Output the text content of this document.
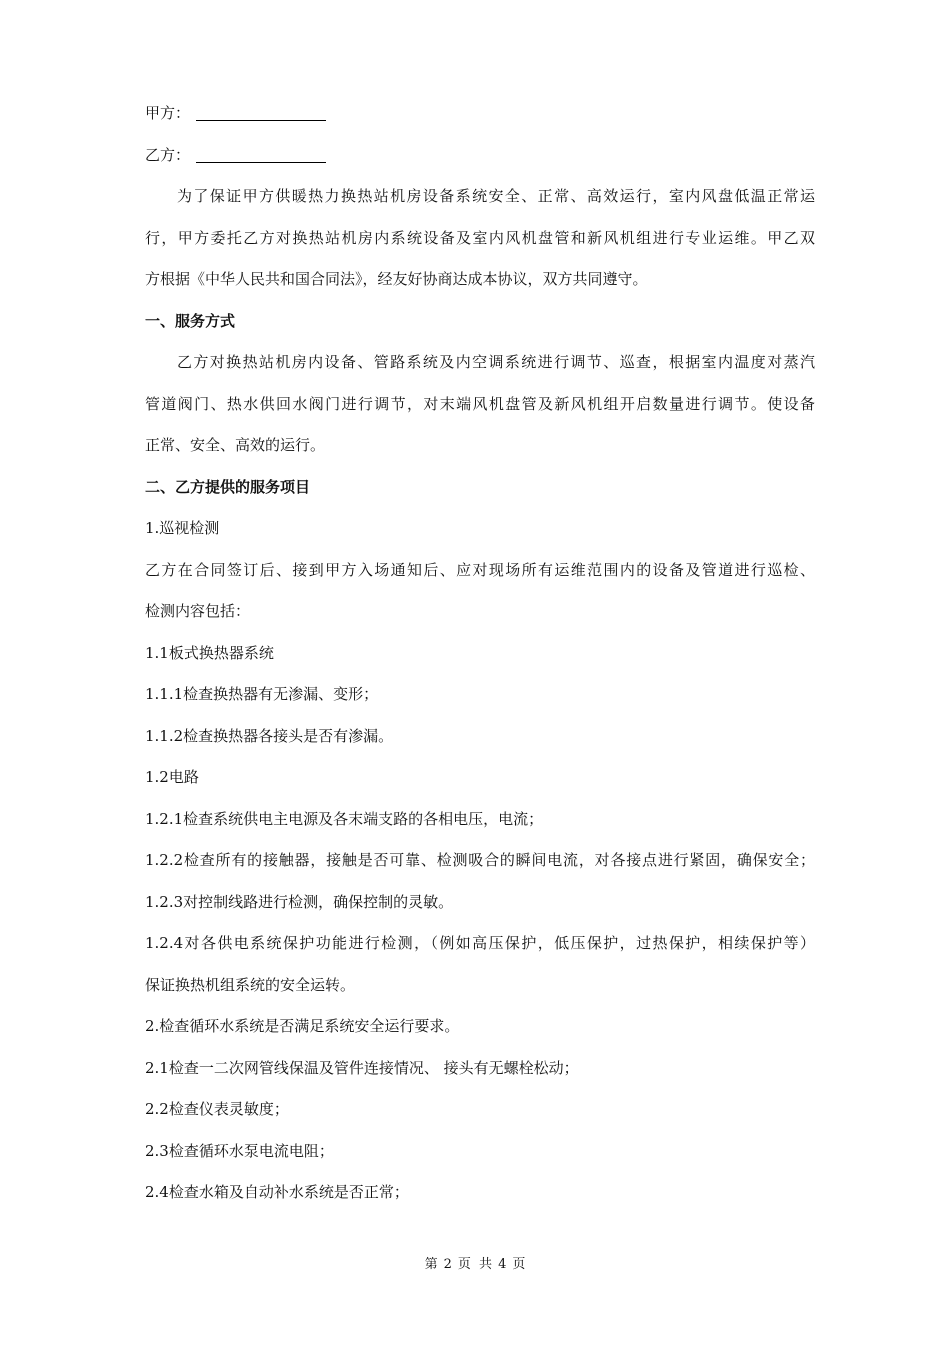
甲方：
乙方：
为了保证甲方供暖热力换热站机房设备系统安全、正常、高效运行，室内风盘低温正常运
行，甲方委托乙方对换热站机房内系统设备及室内风机盘管和新风机组进行专业运维。甲乙双
方根据《中华人民共和国合同法》，经友好协商达成本协议，双方共同遵守。
一、服务方式
乙方对换热站机房内设备、管路系统及内空调系统进行调节、巡查，根据室内温度对蒸汽
管道阀门、热水供回水阀门进行调节，对末端风机盘管及新风机组开启数量进行调节。使设备
正常、安全、高效的运行。
二、乙方提供的服务项目
1.巡视检测
乙方在合同签订后、接到甲方入场通知后、应对现场所有运维范围内的设备及管道进行巡检、
检测内容包括：
1.1板式换热器系统
1.1.1检查换热器有无渗漏、变形；
1.1.2检查换热器各接头是否有渗漏。
1.2电路
1.2.1检查系统供电主电源及各末端支路的各相电压，电流；
1.2.2检查所有的接触器，接触是否可靠、检测吸合的瞬间电流，对各接点进行紧固，确保安全；
1.2.3对控制线路进行检测，确保控制的灵敏。
1.2.4对各供电系统保护功能进行检测，（例如高压保护，低压保护，过热保护，相续保护等）
保证换热机组系统的安全运转。
2.检查循环水系统是否满足系统安全运行要求。
2.1检查一二次网管线保温及管件连接情况、 接头有无螺栓松动；
2.2检查仪表灵敏度；
2.3检查循环水泵电流电阻；
2.4检查水箱及自动补水系统是否正常；
第 2 页 共 4 页
